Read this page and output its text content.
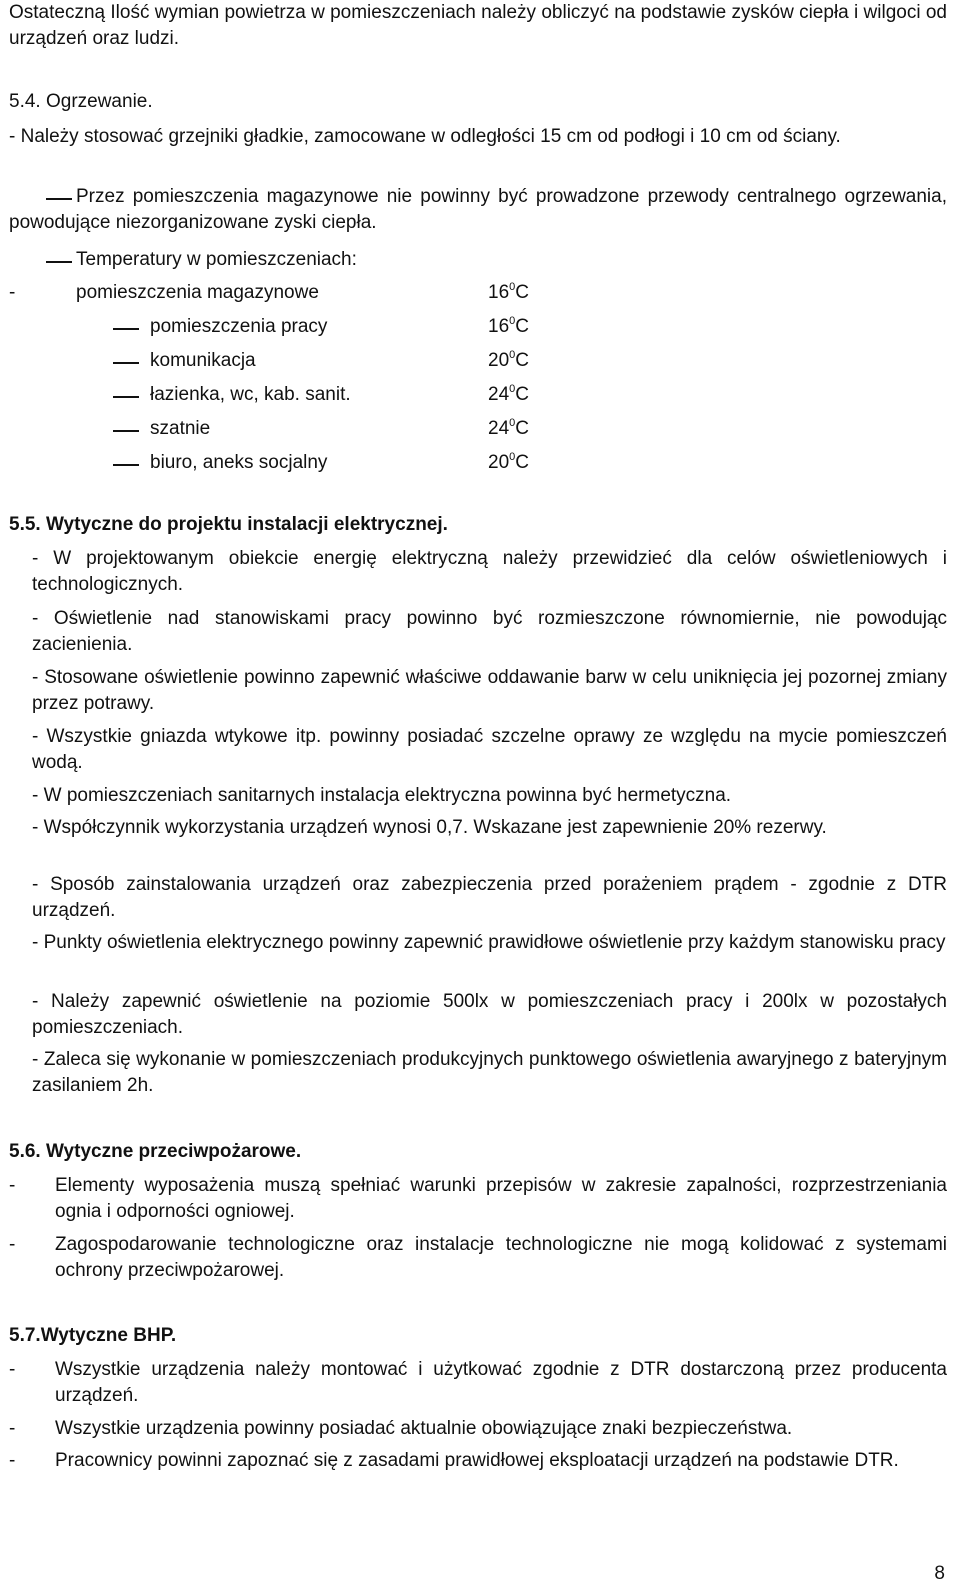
Ostateczną Ilość wymian powietrza w pomieszczeniach należy obliczyć na podstawie zysków ciepła i wilgoci od urządzeń oraz ludzi.
5.4. Ogrzewanie.
- Należy stosować grzejniki gładkie, zamocowane w odległości 15 cm od podłogi i 10 cm od ściany.
Przez pomieszczenia magazynowe nie powinny być prowadzone przewody centralnego ogrzewania, powodujące niezorganizowane zyski ciepła.
Temperatury w pomieszczeniach:
-	pomieszczenia magazynowe	$16^0C$
pomieszczenia pracy	$16^0C$
komunikacja	$20^0C$
łazienka, wc, kab. sanit.	$24^0C$
szatnie	$24^0C$
biuro, aneks socjalny	$20^0C$
5.5. Wytyczne do projektu instalacji elektrycznej.
- W projektowanym obiekcie energię elektryczną należy przewidzieć dla celów oświetleniowych i technologicznych.
- Oświetlenie nad stanowiskami pracy powinno być rozmieszczone równomiernie, nie powodując zacienienia.
- Stosowane oświetlenie powinno zapewnić właściwe oddawanie barw w celu uniknięcia jej pozornej zmiany przez potrawy.
- Wszystkie gniazda wtykowe itp. powinny posiadać szczelne oprawy ze względu na mycie pomieszczeń wodą.
- W pomieszczeniach sanitarnych instalacja elektryczna powinna być hermetyczna.
- Współczynnik wykorzystania urządzeń wynosi 0,7. Wskazane jest zapewnienie 20% rezerwy.
- Sposób zainstalowania urządzeń oraz zabezpieczenia przed porażeniem prądem - zgodnie z DTR urządzeń.
- Punkty oświetlenia elektrycznego powinny zapewnić prawidłowe oświetlenie przy każdym stanowisku pracy
- Należy zapewnić oświetlenie na poziomie 500lx w pomieszczeniach pracy i 200lx w pozostałych pomieszczeniach.
- Zaleca się wykonanie w pomieszczeniach produkcyjnych punktowego oświetlenia awaryjnego z bateryjnym zasilaniem 2h.
5.6. Wytyczne przeciwpożarowe.
- Elementy wyposażenia muszą spełniać warunki przepisów w zakresie zapalności, rozprzestrzeniania ognia i odporności ogniowej.
- Zagospodarowanie technologiczne oraz instalacje technologiczne nie mogą kolidować z systemami ochrony przeciwpożarowej.
5.7.Wytyczne BHP.
- Wszystkie urządzenia należy montować i użytkować zgodnie z DTR dostarczoną przez producenta urządzeń.
- Wszystkie urządzenia powinny posiadać aktualnie obowiązujące znaki bezpieczeństwa.
- Pracownicy powinni zapoznać się z zasadami prawidłowej eksploatacji urządzeń na podstawie DTR.
8
